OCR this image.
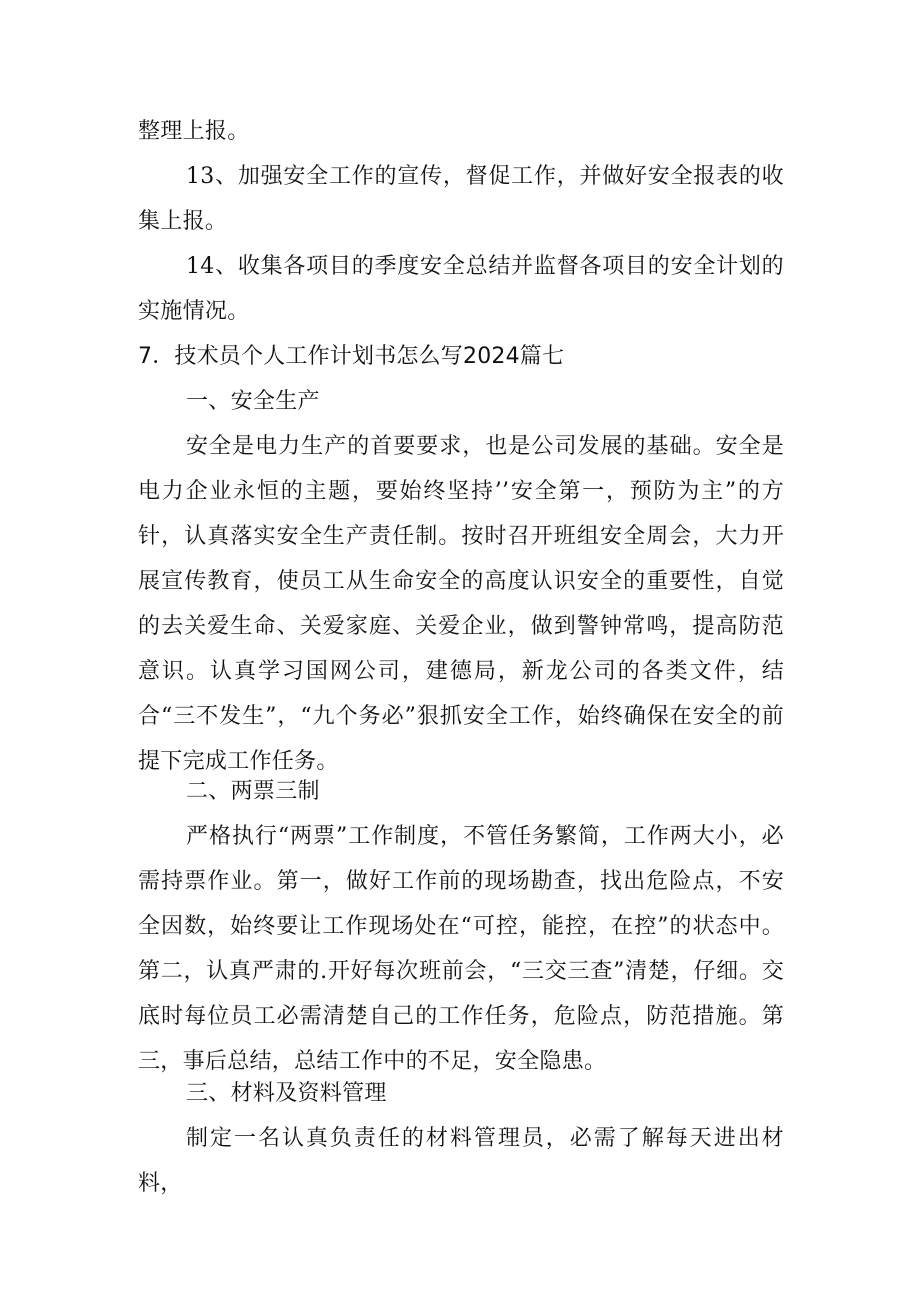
整理上报。

13、加强安全工作的宣传，督促工作，并做好安全报表的收集上报。

14、收集各项目的季度安全总结并监督各项目的安全计划的实施情况。

7．技术员个人工作计划书怎么写2024篇七

一、安全生产

安全是电力生产的首要要求，也是公司发展的基础。安全是电力企业永恒的主题，要始终坚持’’安全第一，预防为主”的方针，认真落实安全生产责任制。按时召开班组安全周会，大力开展宣传教育，使员工从生命安全的高度认识安全的重要性，自觉的去关爱生命、关爱家庭、关爱企业，做到警钟常鸣，提高防范意识。认真学习国网公司，建德局，新龙公司的各类文件，结合“三不发生”，“九个务必”狠抓安全工作，始终确保在安全的前提下完成工作任务。

二、两票三制

严格执行“两票”工作制度，不管任务繁简，工作两大小，必需持票作业。第一，做好工作前的现场勘查，找出危险点，不安全因数，始终要让工作现场处在“可控，能控，在控”的状态中。第二，认真严肃的.开好每次班前会，“三交三查”清楚，仔细。交底时每位员工必需清楚自己的工作任务，危险点，防范措施。第三，事后总结，总结工作中的不足，安全隐患。

三、材料及资料管理

制定一名认真负责任的材料管理员，必需了解每天进出材料，
